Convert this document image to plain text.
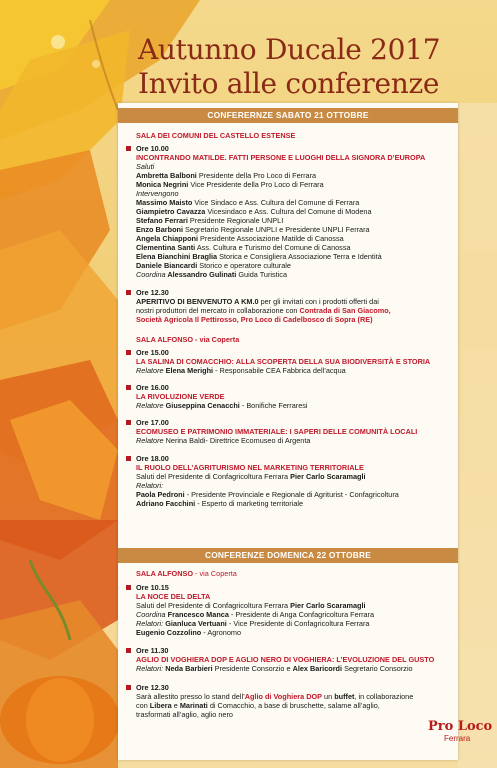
Autunno Ducale 2017
Invito alle conferenze
CONFERERNZE SABATO 21 OTTOBRE
SALA DEI COMUNI DEL CASTELLO ESTENSE
Ore 10.00
INCONTRANDO MATILDE. FATTI PERSONE E LUOGHI DELLA SIGNORA D’EUROPA
Saluti
Ambretta Balboni Presidente della Pro Loco di Ferrara
Monica Negrini Vice Presidente della Pro Loco di Ferrara
Intervengono
Massimo Maisto Vice Sindaco e Ass. Cultura del Comune di Ferrara
Giampietro Cavazza Vicesindaco e Ass. Cultura del Comune di Modena
Stefano Ferrari Presidente Regionale UNPLI
Enzo Barboni Segretario Regionale UNPLI e Presidente UNPLI Ferrara
Angela Chiapponi Presidente Associazione Matilde di Canossa
Clementina Santi Ass. Cultura e Turismo del Comune di Canossa
Elena Bianchini Braglia Storica e Consigliera Associazione Terra e Identità
Daniele Biancardi Storico e operatore culturale
Coordina Alessandro Gulinati Guida Turistica
Ore 12.30
APERITIVO DI BENVENUTO A KM.0 per gli invitati con i prodotti offerti dai
nostri produttori del mercato in collaborazione con Contrada di San Giacomo,
Società Agricola Il Pettirosso, Pro Loco di Cadelbosco di Sopra (RE)
SALA ALFONSO - via Coperta
Ore 15.00
LA SALINA DI COMACCHIO: ALLA SCOPERTA DELLA SUA BIODIVERSITÀ E STORIA
Relatore Elena Merighi - Responsabile CEA Fabbrica dell’acqua
Ore 16.00
LA RIVOLUZIONE VERDE
Relatore Giuseppina Cenacchi - Bonifiche Ferraresi
Ore 17.00
ECOMUSEO E PATRIMONIO IMMATERIALE: I SAPERI DELLE COMUNITÀ LOCALI
Relatore Nerina Baldi- Direttrice Ecomuseo di Argenta
Ore 18.00
IL RUOLO DELL’AGRITURISMO NEL MARKETING TERRITORIALE
Saluti del Presidente di Confagricoltura Ferrara Pier Carlo Scaramagli
Relatori:
Paola Pedroni - Presidente Provinciale e Regionale di Agriturist - Confagricoltura
Adriano Facchini - Esperto di marketing territoriale
CONFERENZE DOMENICA 22 OTTOBRE
SALA ALFONSO - via Coperta
Ore 10.15
LA NOCE DEL DELTA
Saluti del Presidente di Confagricoltura Ferrara Pier Carlo Scaramagli
Coordina Francesco Manca - Presidente di Anga Confagricoltura Ferrara
Relatori: Gianluca Vertuani - Vice Presidente di Confagricoltura Ferrara
Eugenio Cozzolino - Agronomo
Ore 11.30
AGLIO DI VOGHIERA DOP E AGLIO NERO DI VOGHIERA: L’EVOLUZIONE DEL GUSTO
Relatori: Neda Barbieri Presidente Consorzio e Alex Baricordi Segretario Consorzio
Ore 12.30
Sarà allestito presso lo stand dell’Aglio di Voghiera DOP un buffet, in collaborazione
con Libera e Marinati di Comacchio, a base di bruschette, salame all’aglio,
trasformati all’aglio, aglio nero
Pro Loco
Ferrara
